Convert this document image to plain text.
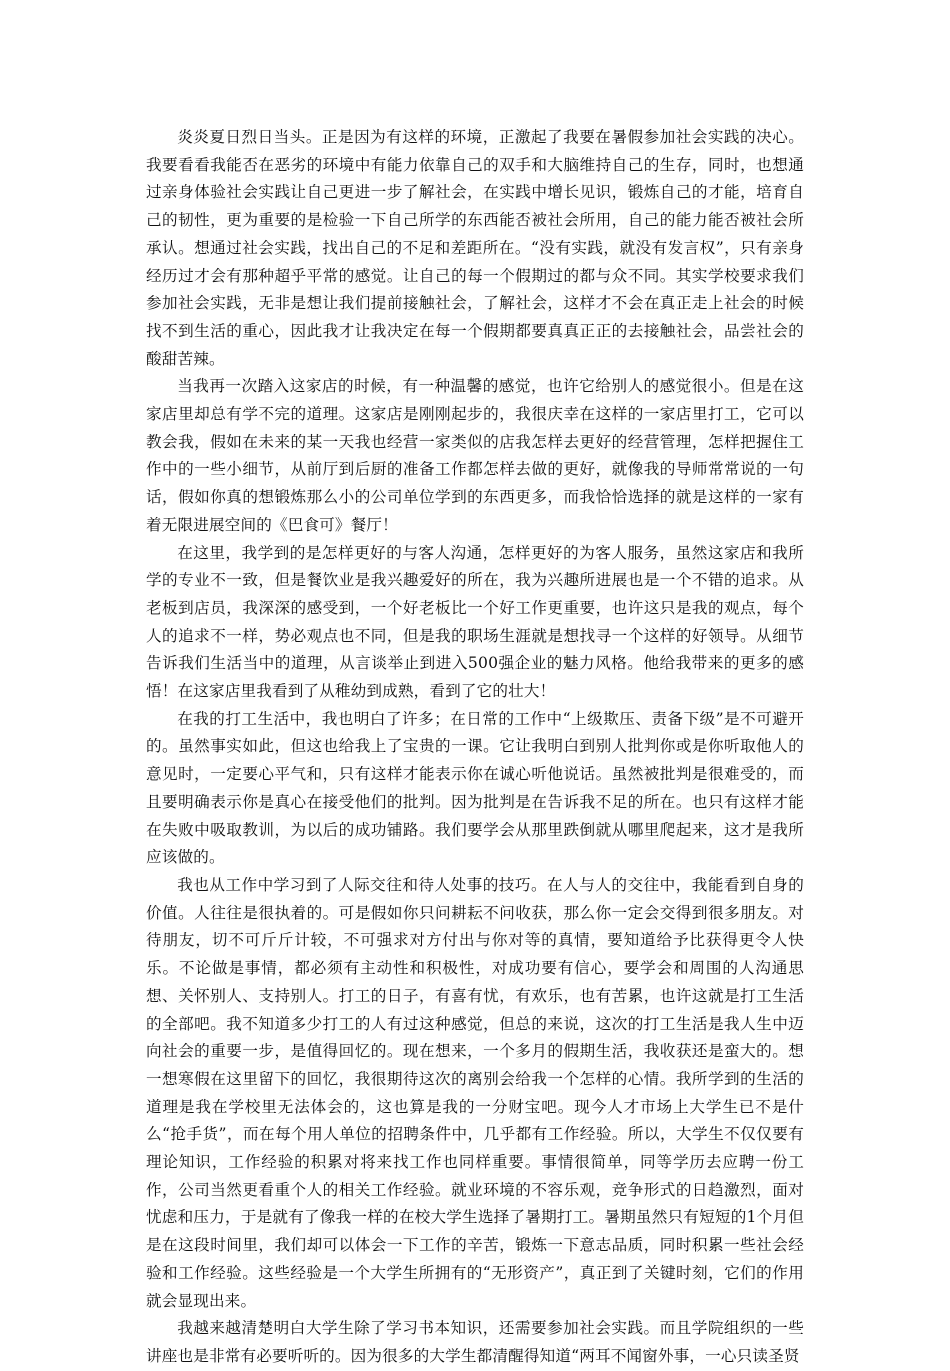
炎炎夏日烈日当头。正是因为有这样的环境，正激起了我要在暑假参加社会实践的决心。我要看看我能否在恶劣的环境中有能力依靠自己的双手和大脑维持自己的生存，同时，也想通过亲身体验社会实践让自己更进一步了解社会，在实践中增长见识，锻炼自己的才能，培育自己的韧性，更为重要的是检验一下自己所学的东西能否被社会所用，自己的能力能否被社会所承认。想通过社会实践，找出自己的不足和差距所在。“没有实践，就没有发言权”，只有亲身经历过才会有那种超乎平常的感觉。让自己的每一个假期过的都与众不同。其实学校要求我们参加社会实践，无非是想让我们提前接触社会，了解社会，这样才不会在真正走上社会的时候找不到生活的重心，因此我才让我决定在每一个假期都要真真正正的去接触社会，品尝社会的酸甜苦辣。

当我再一次踏入这家店的时候，有一种温馨的感觉，也许它给别人的感觉很小。但是在这家店里却总有学不完的道理。这家店是刚刚起步的，我很庆幸在这样的一家店里打工，它可以教会我，假如在未来的某一天我也经营一家类似的店我怎样去更好的经营管理，怎样把握住工作中的一些小细节，从前厅到后厨的准备工作都怎样去做的更好，就像我的导师常常说的一句话，假如你真的想锻炼那么小的公司单位学到的东西更多，而我恰恰选择的就是这样的一家有着无限进展空间的《巴食可》餐厅！

在这里，我学到的是怎样更好的与客人沟通，怎样更好的为客人服务，虽然这家店和我所学的专业不一致，但是餐饮业是我兴趣爱好的所在，我为兴趣所进展也是一个不错的追求。从老板到店员，我深深的感受到，一个好老板比一个好工作更重要，也许这只是我的观点，每个人的追求不一样，势必观点也不同，但是我的职场生涯就是想找寻一个这样的好领导。从细节告诉我们生活当中的道理，从言谈举止到进入500强企业的魅力风格。他给我带来的更多的感悟！在这家店里我看到了从稚幼到成熟，看到了它的壮大！

在我的打工生活中，我也明白了许多；在日常的工作中“上级欺压、责备下级”是不可避开的。虽然事实如此，但这也给我上了宝贵的一课。它让我明白到别人批判你或是你听取他人的意见时，一定要心平气和，只有这样才能表示你在诚心听他说话。虽然被批判是很难受的，而且要明确表示你是真心在接受他们的批判。因为批判是在告诉我不足的所在。也只有这样才能在失败中吸取教训，为以后的成功铺路。我们要学会从那里跌倒就从哪里爬起来，这才是我所应该做的。

我也从工作中学习到了人际交往和待人处事的技巧。在人与人的交往中，我能看到自身的价值。人往往是很执着的。可是假如你只问耕耘不问收获，那么你一定会交得到很多朋友。对待朋友，切不可斤斤计较，不可强求对方付出与你对等的真情，要知道给予比获得更令人快乐。不论做是事情，都必须有主动性和积极性，对成功要有信心，要学会和周围的人沟通思想、关怀别人、支持别人。打工的日子，有喜有忧，有欢乐，也有苦累，也许这就是打工生活的全部吧。我不知道多少打工的人有过这种感觉，但总的来说，这次的打工生活是我人生中迈向社会的重要一步，是值得回忆的。现在想来，一个多月的假期生活，我收获还是蛮大的。想一想寒假在这里留下的回忆，我很期待这次的离别会给我一个怎样的心情。我所学到的生活的道理是我在学校里无法体会的，这也算是我的一分财宝吧。现今人才市场上大学生已不是什么“抢手货”，而在每个用人单位的招聘条件中，几乎都有工作经验。所以，大学生不仅仅要有理论知识，工作经验的积累对将来找工作也同样重要。事情很简单，同等学历去应聘一份工作，公司当然更看重个人的相关工作经验。就业环境的不容乐观，竞争形式的日趋激烈，面对忧虑和压力，于是就有了像我一样的在校大学生选择了暑期打工。暑期虽然只有短短的1个月但是在这段时间里，我们却可以体会一下工作的辛苦，锻炼一下意志品质，同时积累一些社会经验和工作经验。这些经验是一个大学生所拥有的“无形资产”，真正到了关键时刻，它们的作用就会显现出来。

我越来越清楚明白大学生除了学习书本知识，还需要参加社会实践。而且学院组织的一些讲座也是非常有必要听听的。因为很多的大学生都清醒得知道“两耳不闻窗外事，一心只读圣贤
